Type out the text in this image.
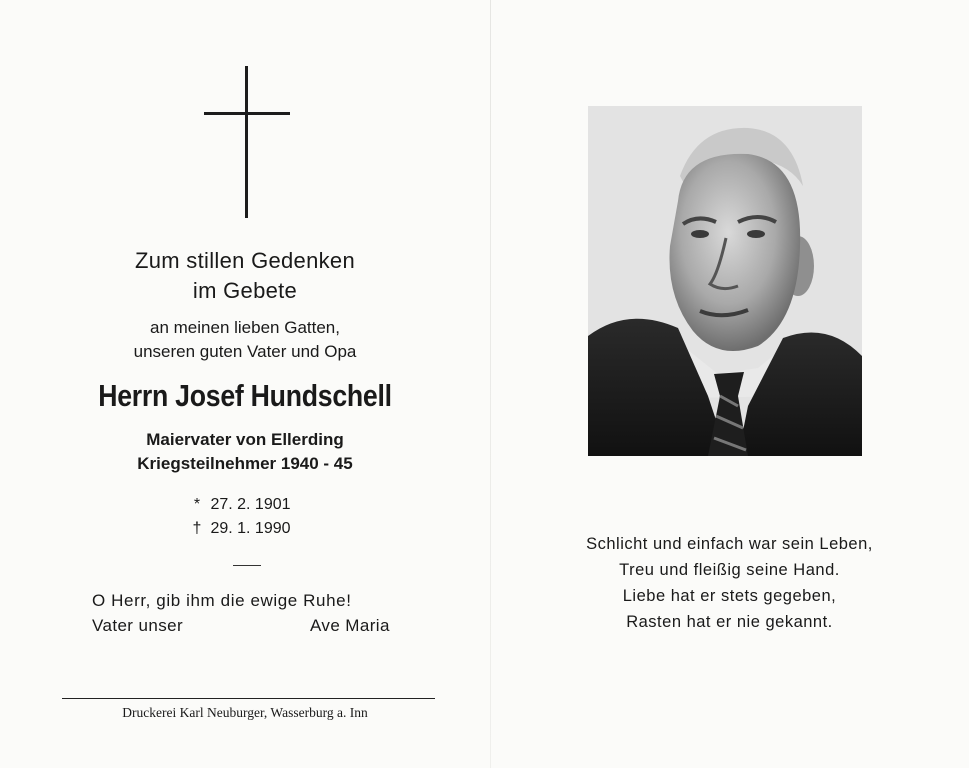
Zum stillen Gedenken
im Gebete
an meinen lieben Gatten,
unseren guten Vater und Opa
Herrn Josef Hundschell
Maiervater von Ellerding
Kriegsteilnehmer 1940 - 45
* 27. 2. 1901
† 29. 1. 1990
O Herr, gib ihm die ewige Ruhe!
Vater unser	Ave Maria
Druckerei Karl Neuburger, Wasserburg a. Inn
Schlicht und einfach war sein Leben,
Treu und fleißig seine Hand.
Liebe hat er stets gegeben,
Rasten hat er nie gekannt.
